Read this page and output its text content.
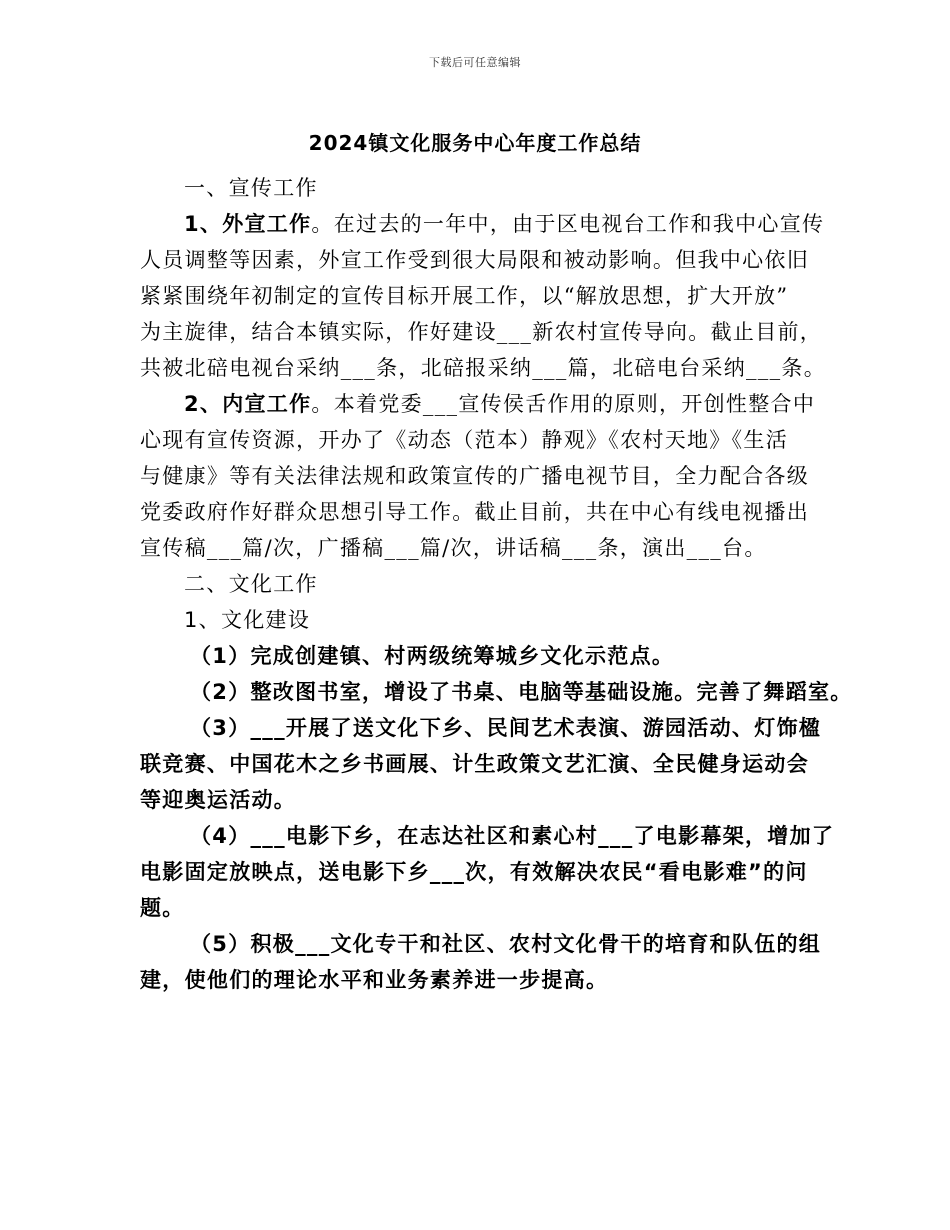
下载后可任意编辑
2024镇文化服务中心年度工作总结

一、宣传工作

1、外宣工作。在过去的一年中，由于区电视台工作和我中心宣传

人员调整等因素，外宣工作受到很大局限和被动影响。但我中心依旧

紧紧围绕年初制定的宣传目标开展工作，以“解放思想，扩大开放”

为主旋律，结合本镇实际，作好建设___新农村宣传导向。截止目前，

共被北碚电视台采纳___条，北碚报采纳___篇，北碚电台采纳___条。

2、内宣工作。本着党委___宣传侯舌作用的原则，开创性整合中

心现有宣传资源，开办了《动态（范本）静观》《农村天地》《生活

与健康》等有关法律法规和政策宣传的广播电视节目，全力配合各级

党委政府作好群众思想引导工作。截止目前，共在中心有线电视播出

宣传稿___篇/次，广播稿___篇/次，讲话稿___条，演出___台。

二、文化工作

1、文化建设

（1）完成创建镇、村两级统筹城乡文化示范点。

（2）整改图书室，增设了书桌、电脑等基础设施。完善了舞蹈室。

（3）___开展了送文化下乡、民间艺术表演、游园活动、灯饰楹

联竞赛、中国花木之乡书画展、计生政策文艺汇演、全民健身运动会

等迎奥运活动。

（4）___电影下乡，在志达社区和素心村___了电影幕架，增加了

电影固定放映点，送电影下乡___次，有效解决农民“看电影难”的问

题。

（5）积极___文化专干和社区、农村文化骨干的培育和队伍的组

建，使他们的理论水平和业务素养进一步提高。
